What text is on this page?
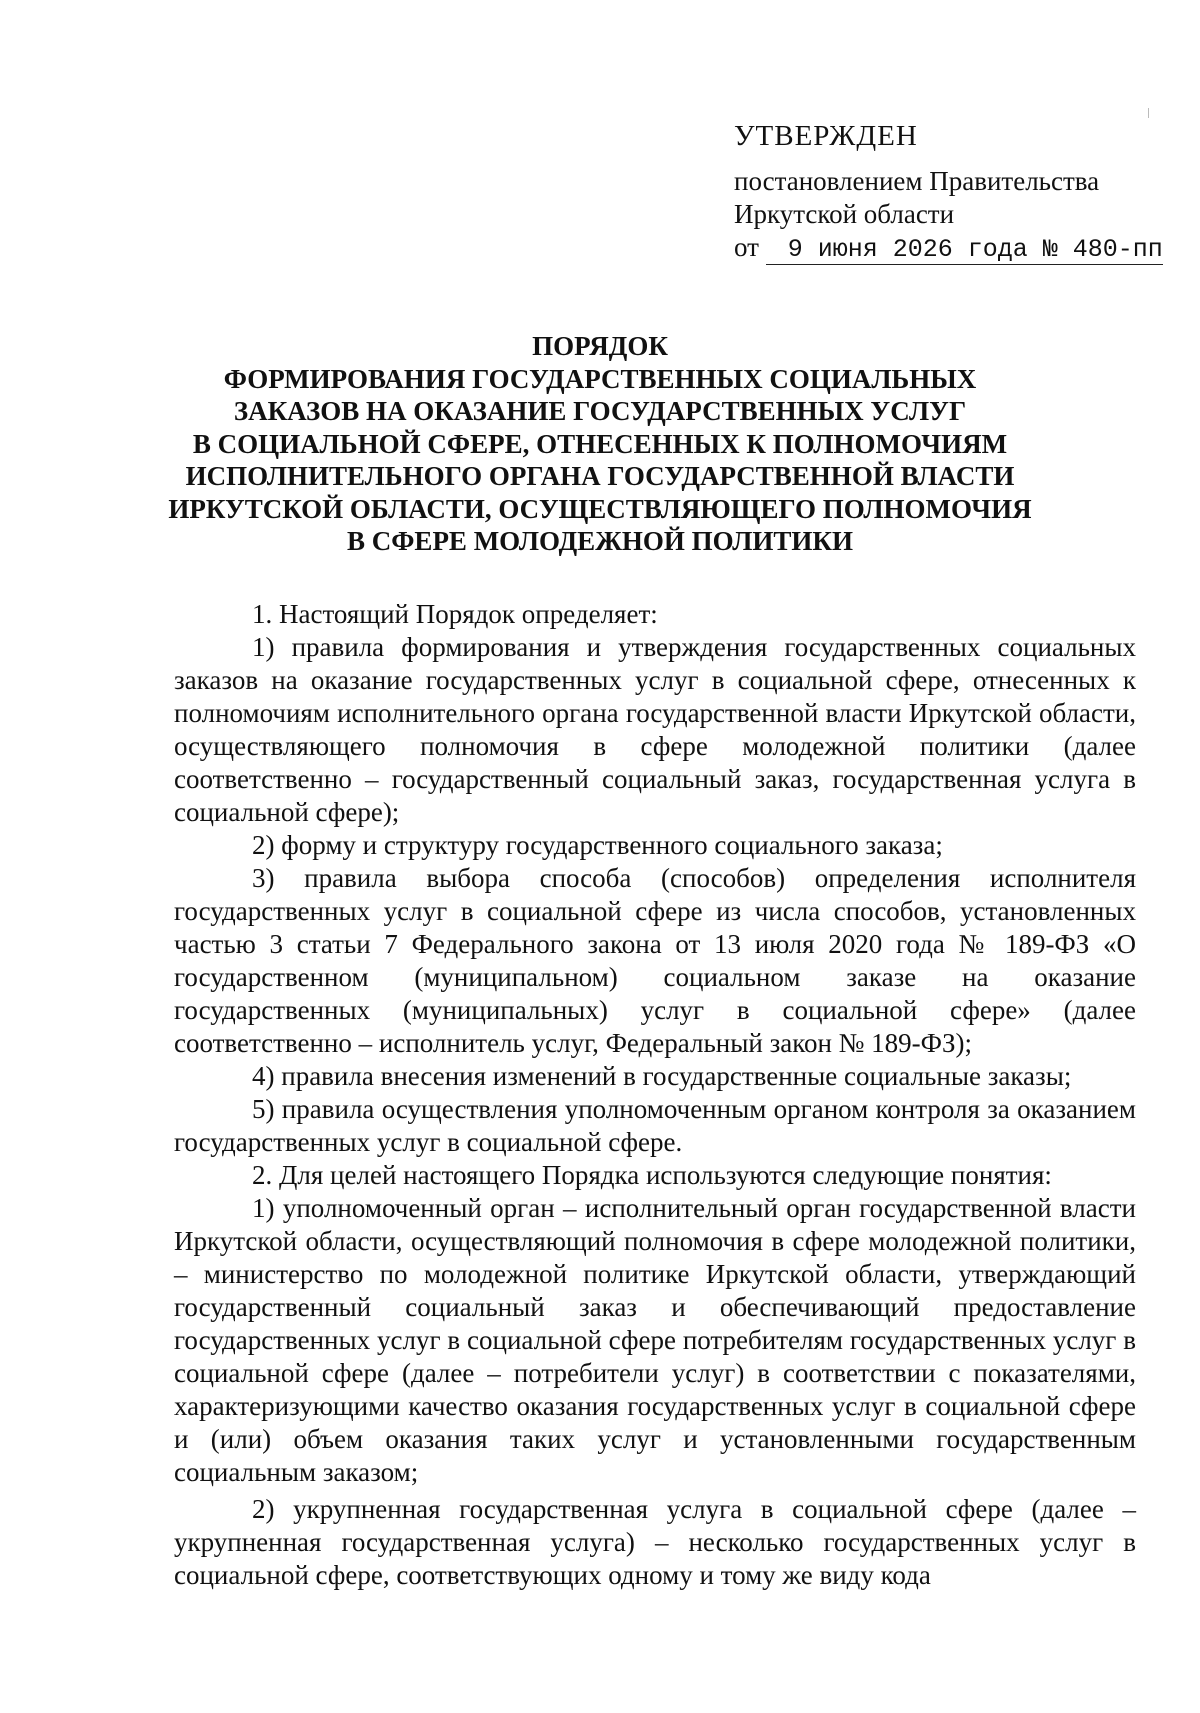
УТВЕРЖДЕН
постановлением Правительства
Иркутской области
от 9 июня 2026 года № 480-пп
ПОРЯДОК
ФОРМИРОВАНИЯ ГОСУДАРСТВЕННЫХ СОЦИАЛЬНЫХ
ЗАКАЗОВ НА ОКАЗАНИЕ ГОСУДАРСТВЕННЫХ УСЛУГ
В СОЦИАЛЬНОЙ СФЕРЕ, ОТНЕСЕННЫХ К ПОЛНОМОЧИЯМ
ИСПОЛНИТЕЛЬНОГО ОРГАНА ГОСУДАРСТВЕННОЙ ВЛАСТИ
ИРКУТСКОЙ ОБЛАСТИ, ОСУЩЕСТВЛЯЮЩЕГО ПОЛНОМОЧИЯ
В СФЕРЕ МОЛОДЕЖНОЙ ПОЛИТИКИ

1. Настоящий Порядок определяет:

1) правила формирования и утверждения государственных социальных заказов на оказание государственных услуг в социальной сфере, отнесенных к полномочиям исполнительного органа государственной власти Иркутской области, осуществляющего полномочия в сфере молодежной политики (далее соответственно – государственный социальный заказ, государственная услуга в социальной сфере);

2) форму и структуру государственного социального заказа;

3) правила выбора способа (способов) определения исполнителя государственных услуг в социальной сфере из числа способов, установленных частью 3 статьи 7 Федерального закона от 13 июля 2020 года № 189-ФЗ «О государственном (муниципальном) социальном заказе на оказание государственных (муниципальных) услуг в социальной сфере» (далее соответственно – исполнитель услуг, Федеральный закон № 189-ФЗ);

4) правила внесения изменений в государственные социальные заказы;

5) правила осуществления уполномоченным органом контроля за оказанием государственных услуг в социальной сфере.

2. Для целей настоящего Порядка используются следующие понятия:

1) уполномоченный орган – исполнительный орган государственной власти Иркутской области, осуществляющий полномочия в сфере молодежной политики, – министерство по молодежной политике Иркутской области, утверждающий государственный социальный заказ и обеспечивающий предоставление государственных услуг в социальной сфере потребителям государственных услуг в социальной сфере (далее – потребители услуг) в соответствии с показателями, характеризующими качество оказания государственных услуг в социальной сфере и (или) объем оказания таких услуг и установленными государственным социальным заказом;

2) укрупненная государственная услуга в социальной сфере (далее – укрупненная государственная услуга) – несколько государственных услуг в социальной сфере, соответствующих одному и тому же виду кода
